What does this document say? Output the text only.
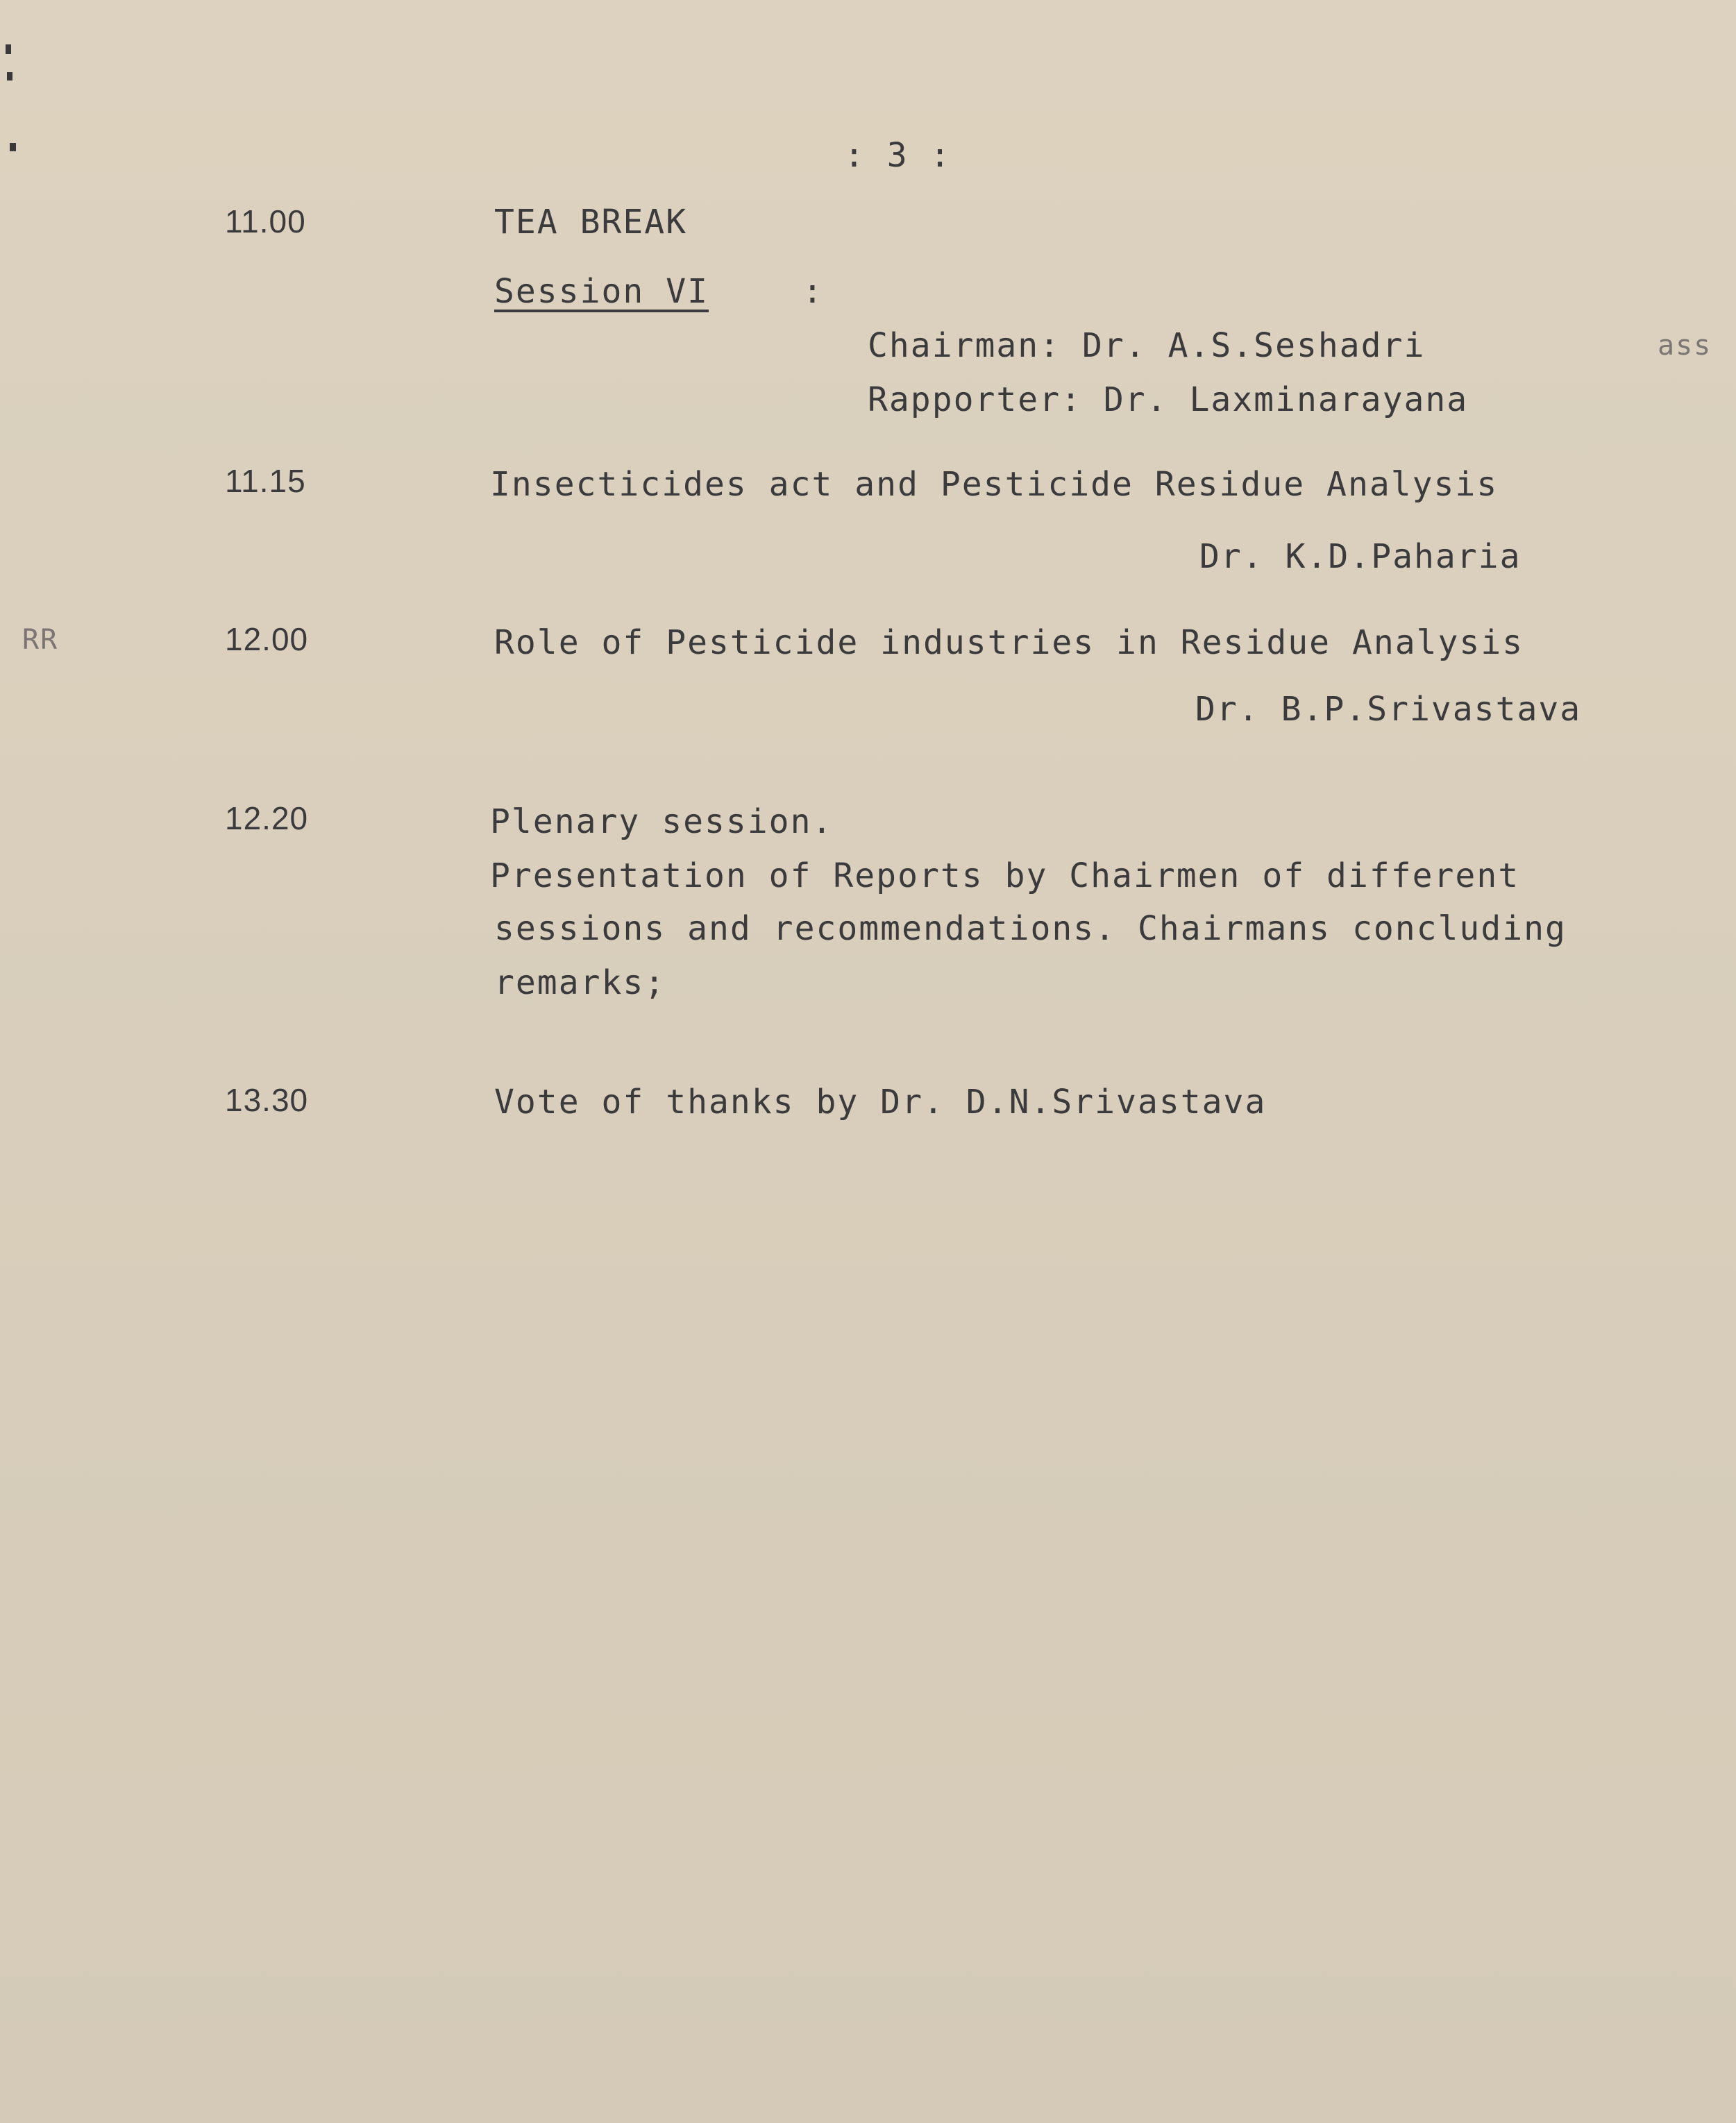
: 3 :
RR
ass
11.00	TEA BREAK
Session VI	:
Chairman: Dr. A.S.Seshadri
Rapporter: Dr. Laxminarayana
11.15	Insecticides act and Pesticide Residue Analysis
Dr. K.D.Paharia
12.00	Role of Pesticide industries in Residue Analysis
Dr. B.P.Srivastava
12.20	Plenary session.
Presentation of Reports by Chairmen of different
sessions and recommendations. Chairmans concluding
remarks;
13.30	Vote of thanks by Dr. D.N.Srivastava
